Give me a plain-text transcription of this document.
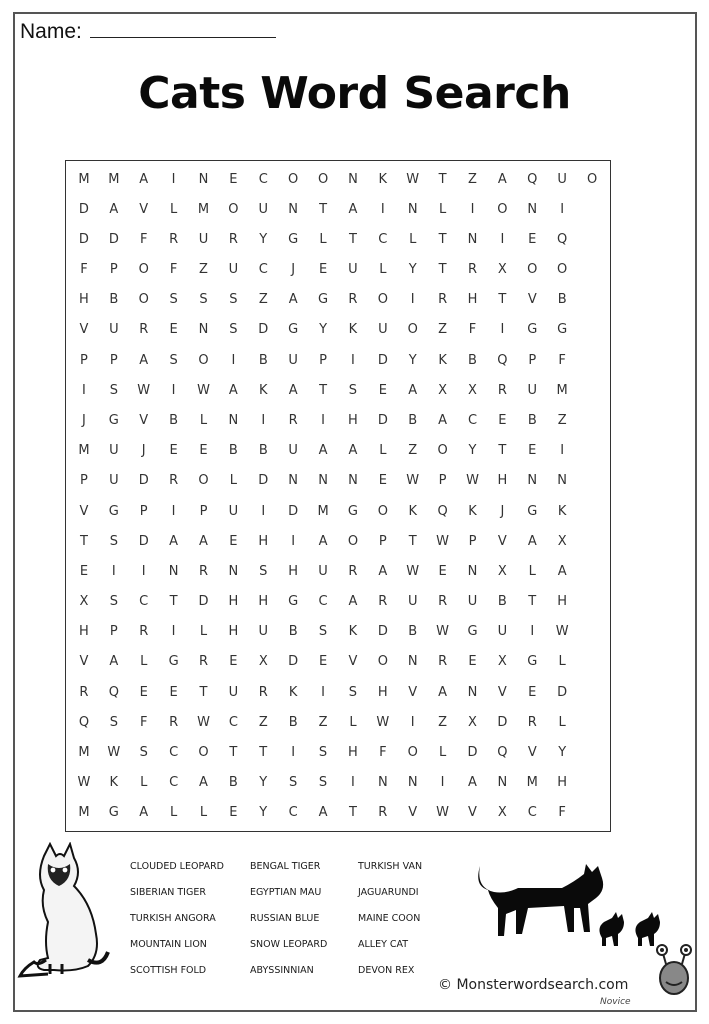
Name:
Cats Word Search
M	M	A	I	N	E	C	O	O	N	K	W	T	Z	A	Q	U	O
D	A	V	L	M	O	U	N	T	A	I	N	L	I	O	N	I
D	D	F	R	U	R	Y	G	L	T	C	L	T	N	I	E	Q
F	P	O	F	Z	U	C	J	E	U	L	Y	T	R	X	O	O
H	B	O	S	S	S	Z	A	G	R	O	I	R	H	T	V	B
V	U	R	E	N	S	D	G	Y	K	U	O	Z	F	I	G	G
P	P	A	S	O	I	B	U	P	I	D	Y	K	B	Q	P	F
I	S	W	I	W	A	K	A	T	S	E	A	X	X	R	U	M
J	G	V	B	L	N	I	R	I	H	D	B	A	C	E	B	Z
M	U	J	E	E	B	B	U	A	A	L	Z	O	Y	T	E	I
P	U	D	R	O	L	D	N	N	N	E	W	P	W	H	N	N
V	G	P	I	P	U	I	D	M	G	O	K	Q	K	J	G	K
T	S	D	A	A	E	H	I	A	O	P	T	W	P	V	A	X
E	I	I	N	R	N	S	H	U	R	A	W	E	N	X	L	A
X	S	C	T	D	H	H	G	C	A	R	U	R	U	B	T	H
H	P	R	I	L	H	U	B	S	K	D	B	W	G	U	I	W
V	A	L	G	R	E	X	D	E	V	O	N	R	E	X	G	L
R	Q	E	E	T	U	R	K	I	S	H	V	A	N	V	E	D
Q	S	F	R	W	C	Z	B	Z	L	W	I	Z	X	D	R	L
M	W	S	C	O	T	T	I	S	H	F	O	L	D	Q	V	Y
W	K	L	C	A	B	Y	S	S	I	N	N	I	A	N	M	H
M	G	A	L	L	E	Y	C	A	T	R	V	W	V	X	C	F
CLOUDED LEOPARD	BENGAL TIGER	TURKISH VAN
SIBERIAN TIGER	EGYPTIAN MAU	JAGUARUNDI
TURKISH ANGORA	RUSSIAN BLUE	MAINE COON
MOUNTAIN LION	SNOW LEOPARD	ALLEY CAT
SCOTTISH FOLD	ABYSSINNIAN	DEVON REX
© Monsterwordsearch.com
Novice
